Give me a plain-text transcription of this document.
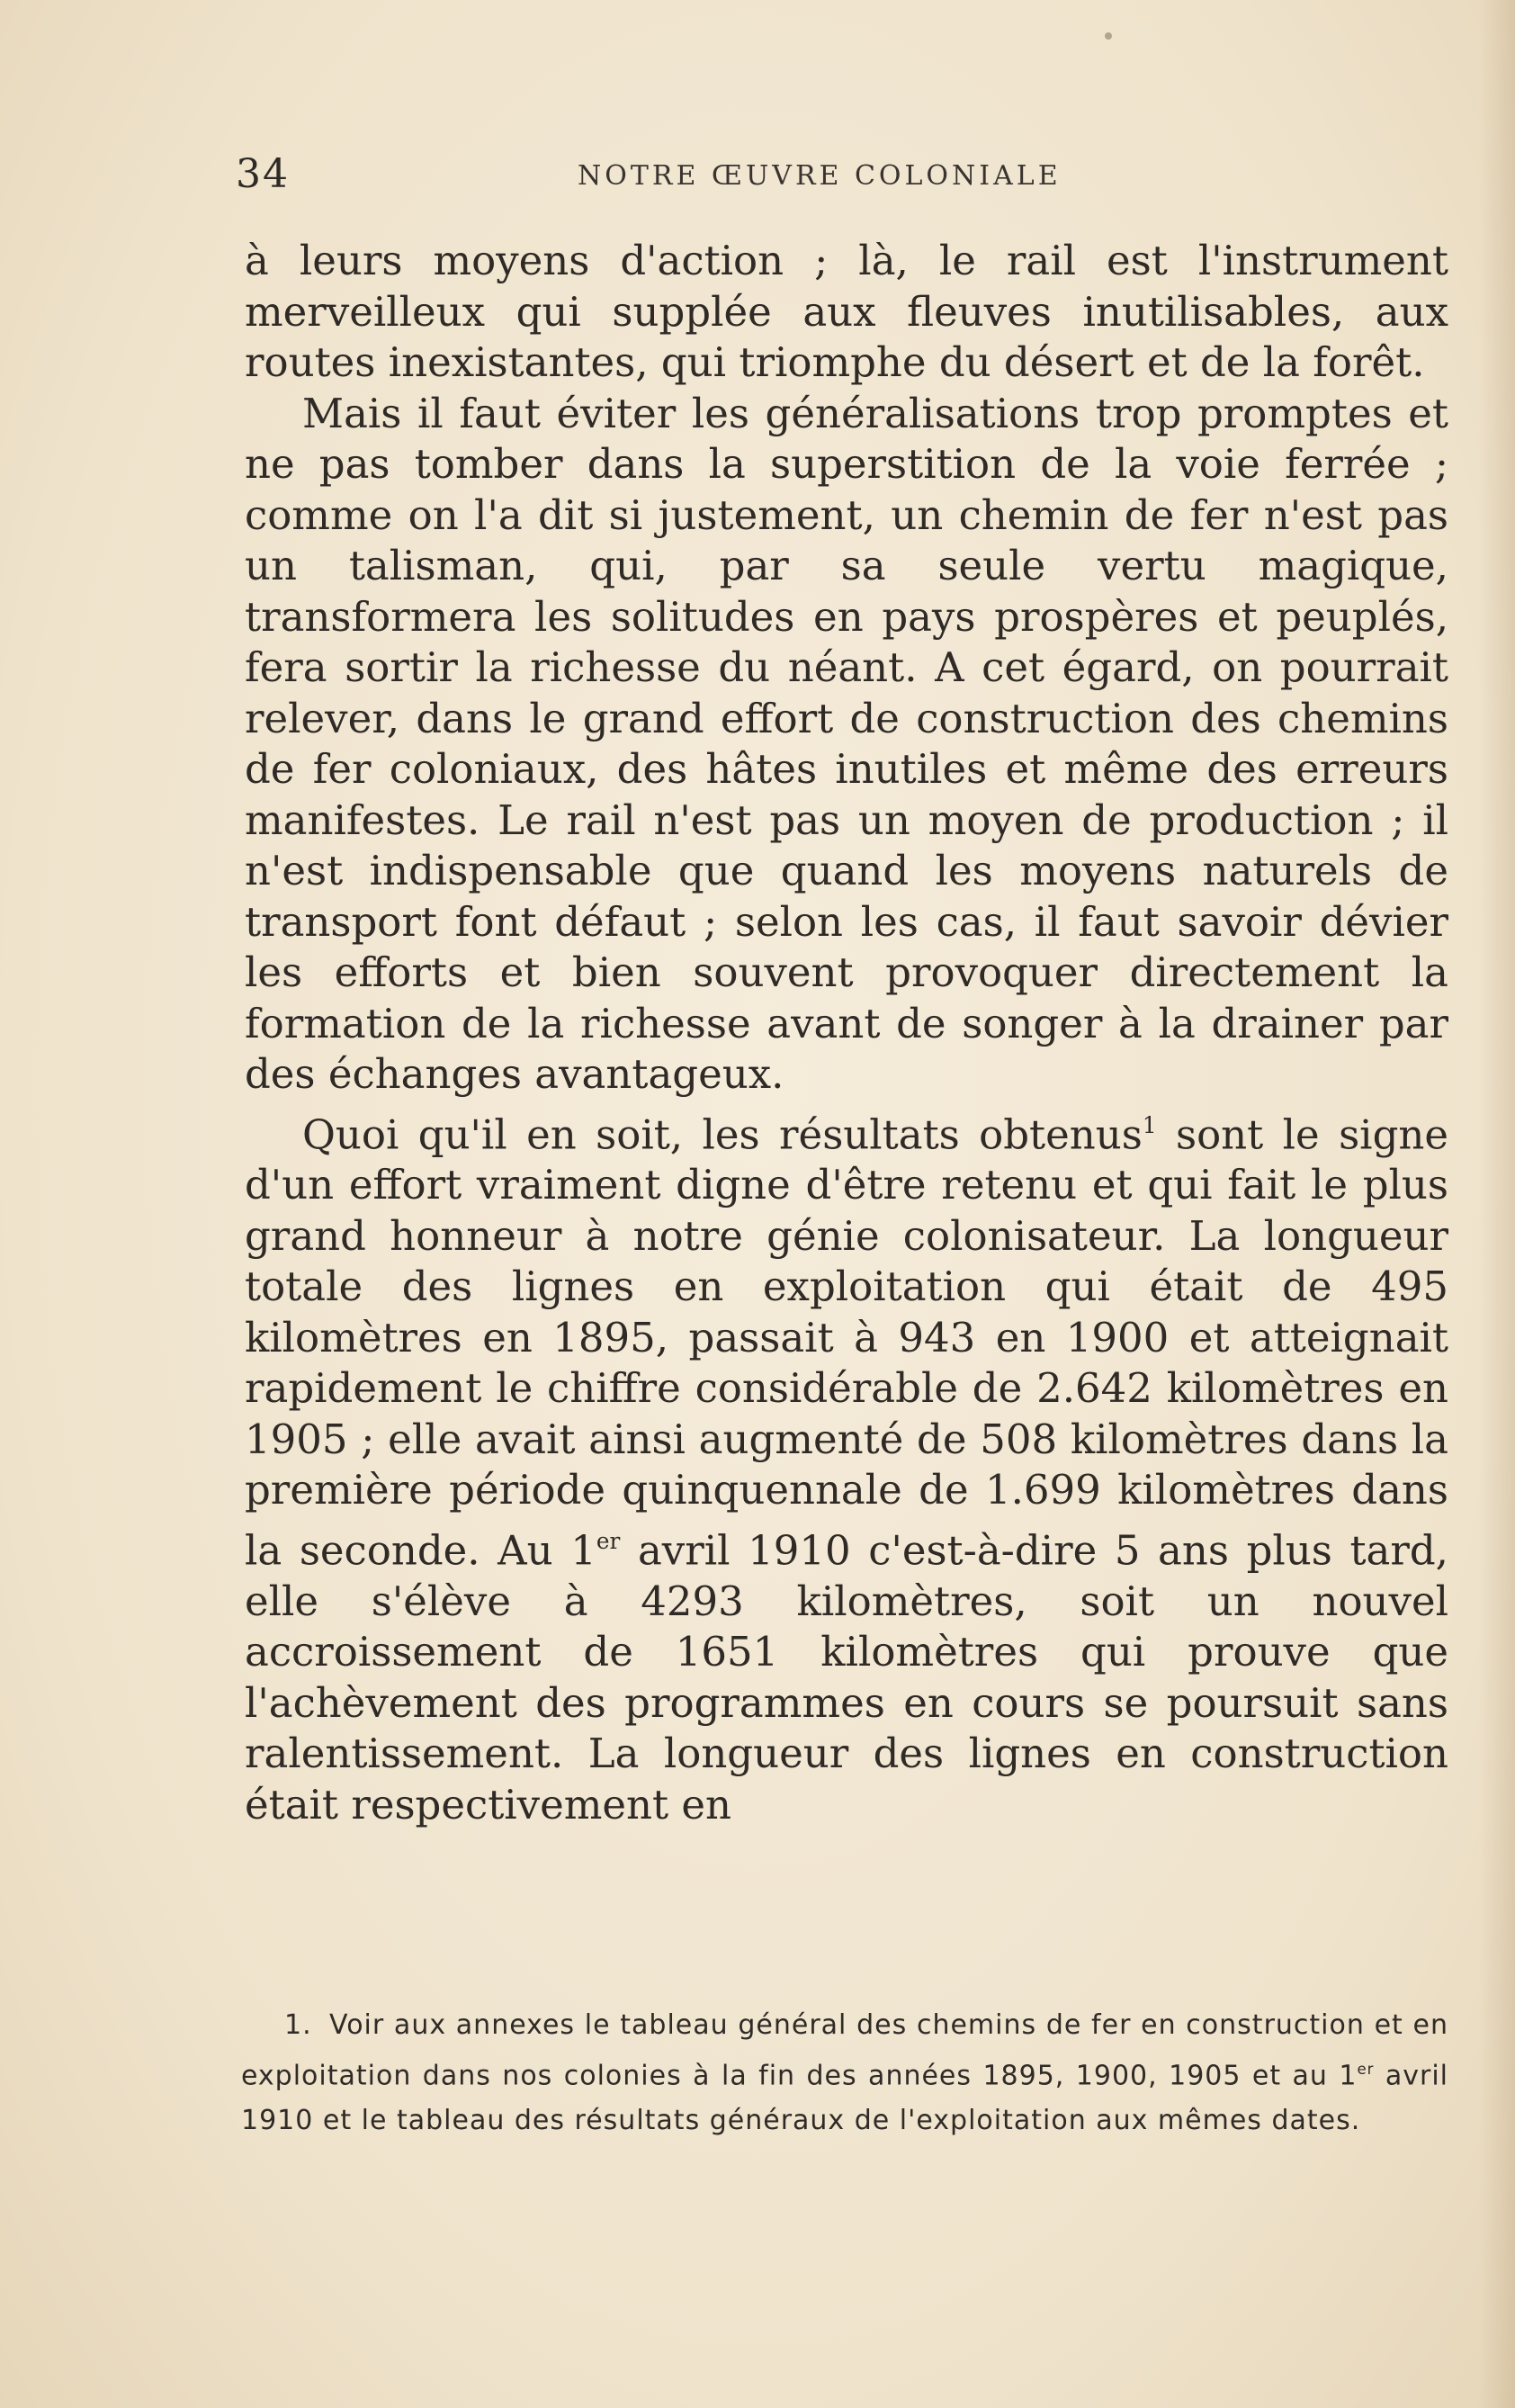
34	NOTRE ŒUVRE COLONIALE

à leurs moyens d'action ; là, le rail est l'instrument merveilleux qui supplée aux fleuves inutilisables, aux routes inexistantes, qui triomphe du désert et de la forêt.

Mais il faut éviter les généralisations trop promptes et ne pas tomber dans la superstition de la voie ferrée ; comme on l'a dit si justement, un chemin de fer n'est pas un talisman, qui, par sa seule vertu magique, transformera les solitudes en pays prospères et peuplés, fera sortir la richesse du néant. A cet égard, on pourrait relever, dans le grand effort de construction des chemins de fer coloniaux, des hâtes inutiles et même des erreurs manifestes. Le rail n'est pas un moyen de production ; il n'est indispensable que quand les moyens naturels de transport font défaut ; selon les cas, il faut savoir dévier les efforts et bien souvent provoquer directement la formation de la richesse avant de songer à la drainer par des échanges avantageux.

Quoi qu'il en soit, les résultats obtenus$^1$ sont le signe d'un effort vraiment digne d'être retenu et qui fait le plus grand honneur à notre génie colonisateur. La longueur totale des lignes en exploitation qui était de 495 kilomètres en 1895, passait à 943 en 1900 et atteignait rapidement le chiffre considérable de 2.642 kilomètres en 1905 ; elle avait ainsi augmenté de 508 kilomètres dans la première période quinquennale de 1.699 kilomètres dans la seconde. Au 1er avril 1910 c'est-à-dire 5 ans plus tard, elle s'élève à 4293 kilomètres, soit un nouvel accroissement de 1651 kilomètres qui prouve que l'achèvement des programmes en cours se poursuit sans ralentissement. La longueur des lignes en construction était respectivement en

1. Voir aux annexes le tableau général des chemins de fer en construction et en exploitation dans nos colonies à la fin des années 1895, 1900, 1905 et au 1er avril 1910 et le tableau des résultats généraux de l'exploitation aux mêmes dates.
